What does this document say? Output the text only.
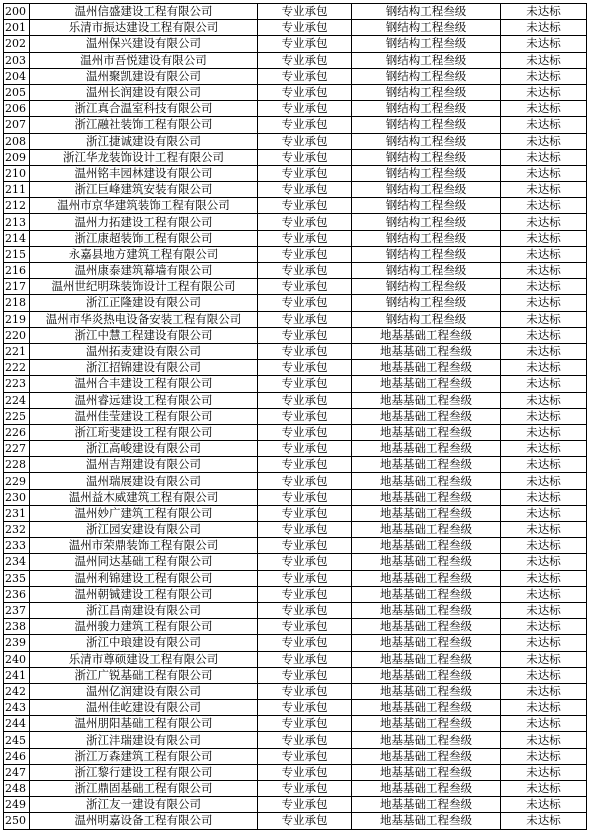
200	温州信盛建设工程有限公司	专业承包	钢结构工程叁级	未达标
201	乐清市振达建设工程有限公司	专业承包	钢结构工程叁级	未达标
202	温州保兴建设有限公司	专业承包	钢结构工程叁级	未达标
203	温州市吾悦建设有限公司	专业承包	钢结构工程叁级	未达标
204	温州聚凯建设有限公司	专业承包	钢结构工程叁级	未达标
205	温州长润建设有限公司	专业承包	钢结构工程叁级	未达标
206	浙江真合温室科技有限公司	专业承包	钢结构工程叁级	未达标
207	浙江融社装饰工程有限公司	专业承包	钢结构工程叁级	未达标
208	浙江捷诚建设有限公司	专业承包	钢结构工程叁级	未达标
209	浙江华龙装饰设计工程有限公司	专业承包	钢结构工程叁级	未达标
210	温州铭丰园林建设有限公司	专业承包	钢结构工程叁级	未达标
211	浙江巨峰建筑安装有限公司	专业承包	钢结构工程叁级	未达标
212	温州市京华建筑装饰工程有限公司	专业承包	钢结构工程叁级	未达标
213	温州力拓建设工程有限公司	专业承包	钢结构工程叁级	未达标
214	浙江康超装饰工程有限公司	专业承包	钢结构工程叁级	未达标
215	永嘉县地方建筑工程有限公司	专业承包	钢结构工程叁级	未达标
216	温州康泰建筑幕墙有限公司	专业承包	钢结构工程叁级	未达标
217	温州世纪明珠装饰设计工程有限公司	专业承包	钢结构工程叁级	未达标
218	浙江正隆建设有限公司	专业承包	钢结构工程叁级	未达标
219	温州市华炎热电设备安装工程有限公司	专业承包	钢结构工程叁级	未达标
220	浙江中慧工程建设有限公司	专业承包	地基基础工程叁级	未达标
221	温州拓麦建设有限公司	专业承包	地基基础工程叁级	未达标
222	浙江招锦建设有限公司	专业承包	地基基础工程叁级	未达标
223	温州合丰建设工程有限公司	专业承包	地基基础工程叁级	未达标
224	温州睿远建设工程有限公司	专业承包	地基基础工程叁级	未达标
225	温州佳莹建设工程有限公司	专业承包	地基基础工程叁级	未达标
226	浙江珩斐建设工程有限公司	专业承包	地基基础工程叁级	未达标
227	浙江高峻建设有限公司	专业承包	地基基础工程叁级	未达标
228	温州吉翔建设有限公司	专业承包	地基基础工程叁级	未达标
229	温州瑞展建设有限公司	专业承包	地基基础工程叁级	未达标
230	温州益木威建筑工程有限公司	专业承包	地基基础工程叁级	未达标
231	温州妙广建筑工程有限公司	专业承包	地基基础工程叁级	未达标
232	浙江园安建设有限公司	专业承包	地基基础工程叁级	未达标
233	温州市荣鼎装饰工程有限公司	专业承包	地基基础工程叁级	未达标
234	温州同达基础工程有限公司	专业承包	地基基础工程叁级	未达标
235	温州利锦建设工程有限公司	专业承包	地基基础工程叁级	未达标
236	温州朝铖建设工程有限公司	专业承包	地基基础工程叁级	未达标
237	浙江昌南建设有限公司	专业承包	地基基础工程叁级	未达标
238	温州骏力建筑工程有限公司	专业承包	地基基础工程叁级	未达标
239	浙江中琅建设有限公司	专业承包	地基基础工程叁级	未达标
240	乐清市尊硕建设工程有限公司	专业承包	地基基础工程叁级	未达标
241	浙江广锐基础工程有限公司	专业承包	地基基础工程叁级	未达标
242	温州亿润建设有限公司	专业承包	地基基础工程叁级	未达标
243	温州佳屹建设有限公司	专业承包	地基基础工程叁级	未达标
244	温州朋阳基础工程有限公司	专业承包	地基基础工程叁级	未达标
245	浙江沣瑞建设有限公司	专业承包	地基基础工程叁级	未达标
246	浙江万森建筑工程有限公司	专业承包	地基基础工程叁级	未达标
247	浙江黎行建设工程有限公司	专业承包	地基基础工程叁级	未达标
248	浙江鼎固基础工程有限公司	专业承包	地基基础工程叁级	未达标
249	浙江友一建设有限公司	专业承包	地基基础工程叁级	未达标
250	温州明嘉设备工程有限公司	专业承包	地基基础工程叁级	未达标
